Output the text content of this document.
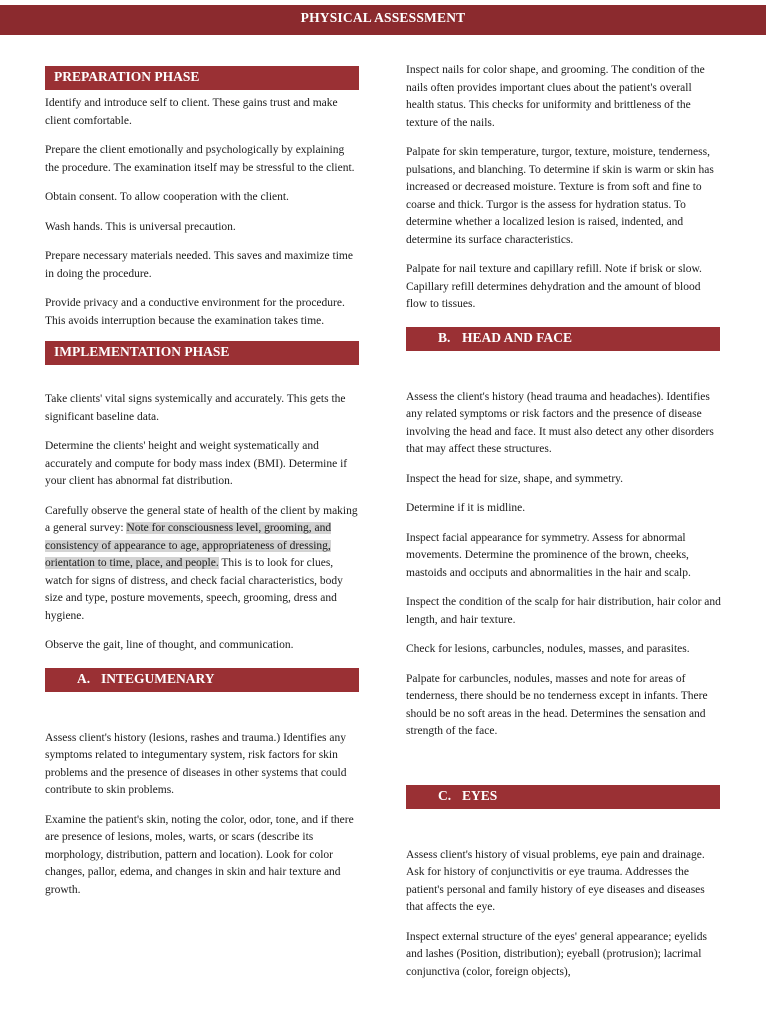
PHYSICAL ASSESSMENT
PREPARATION PHASE

Identify and introduce self to client. These gains trust and make client comfortable.

Prepare the client emotionally and psychologically by explaining the procedure. The examination itself may be stressful to the client.

Obtain consent. To allow cooperation with the client.

Wash hands. This is universal precaution.

Prepare necessary materials needed. This saves and maximize time in doing the procedure.

Provide privacy and a conductive environment for the procedure. This avoids interruption because the examination takes time.

IMPLEMENTATION PHASE

Take clients' vital signs systemically and accurately. This gets the significant baseline data.

Determine the clients' height and weight systematically and accurately and compute for body mass index (BMI). Determine if your client has abnormal fat distribution.

Carefully observe the general state of health of the client by making a general survey: Note for consciousness level, grooming, and consistency of appearance to age, appropriateness of dressing, orientation to time, place, and people. This is to look for clues, watch for signs of distress, and check facial characteristics, body size and type, posture movements, speech, grooming, dress and hygiene.

Observe the gait, line of thought, and communication.

A. INTEGUMENARY

Assess client's history (lesions, rashes and trauma.) Identifies any symptoms related to integumentary system, risk factors for skin problems and the presence of diseases in other systems that could contribute to skin problems.

Examine the patient's skin, noting the color, odor, tone, and if there are presence of lesions, moles, warts, or scars (describe its morphology, distribution, pattern and location). Look for color changes, pallor, edema, and changes in skin and hair texture and growth.

Inspect nails for color shape, and grooming. The condition of the nails often provides important clues about the patient's overall health status. This checks for uniformity and brittleness of the texture of the nails.

Palpate for skin temperature, turgor, texture, moisture, tenderness, pulsations, and blanching. To determine if skin is warm or skin has increased or decreased moisture. Texture is from soft and fine to coarse and thick. Turgor is the assess for hydration status. To determine whether a localized lesion is raised, indented, and determine its surface characteristics.

Palpate for nail texture and capillary refill. Note if brisk or slow. Capillary refill determines dehydration and the amount of blood flow to tissues.

B. HEAD AND FACE

Assess the client's history (head trauma and headaches). Identifies any related symptoms or risk factors and the presence of disease involving the head and face. It must also detect any other disorders that may affect these structures.

Inspect the head for size, shape, and symmetry.

Determine if it is midline.

Inspect facial appearance for symmetry. Assess for abnormal movements. Determine the prominence of the brown, cheeks, mastoids and occiputs and abnormalities in the hair and scalp.

Inspect the condition of the scalp for hair distribution, hair color and length, and hair texture.

Check for lesions, carbuncles, nodules, masses, and parasites.

Palpate for carbuncles, nodules, masses and note for areas of tenderness, there should be no tenderness except in infants. There should be no soft areas in the head. Determines the sensation and strength of the face.

C. EYES

Assess client's history of visual problems, eye pain and drainage. Ask for history of conjunctivitis or eye trauma. Addresses the patient's personal and family history of eye diseases and diseases that affects the eye.

Inspect external structure of the eyes' general appearance; eyelids and lashes (Position, distribution); eyeball (protrusion); lacrimal conjunctiva (color, foreign objects),
